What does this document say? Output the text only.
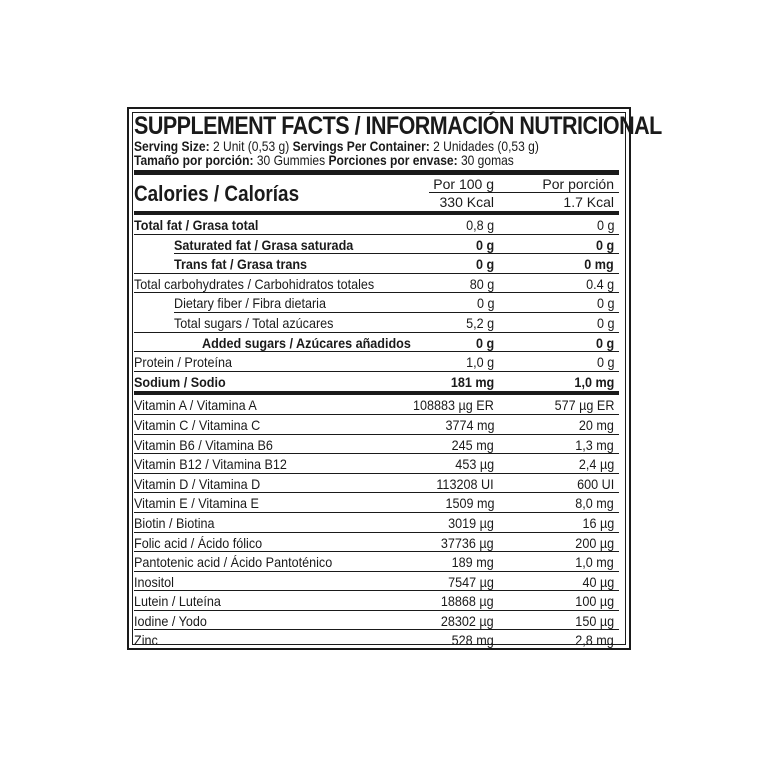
SUPPLEMENT FACTS / INFORMACIÓN NUTRICIONAL
Serving Size: 2 Unit (0,53 g) Servings Per Container: 2 Unidades (0,53 g)
Tamaño por porción: 30 Gummies Porciones por envase: 30 gomas
Calories / Calorías	Por 100 g	Por porción
330 Kcal	1.7 Kcal
Total fat / Grasa total	0,8 g	0 g
Saturated fat / Grasa saturada	0 g	0 g
Trans fat / Grasa trans	0 g	0 mg
Total carbohydrates / Carbohidratos totales	80 g	0.4 g
Dietary fiber / Fibra dietaria	0 g	0 g
Total sugars / Total azúcares	5,2 g	0 g
Added sugars / Azúcares añadidos	0 g	0 g
Protein / Proteína	1,0 g	0 g
Sodium / Sodio	181 mg	1,0 mg
Vitamin A / Vitamina A	108883 µg ER	577 µg ER
Vitamin C / Vitamina C	3774 mg	20 mg
Vitamin B6 / Vitamina B6	245 mg	1,3 mg
Vitamin B12 / Vitamina B12	453 µg	2,4 µg
Vitamin D / Vitamina D	113208 UI	600 UI
Vitamin E / Vitamina E	1509 mg	8,0 mg
Biotin / Biotina	3019 µg	16 µg
Folic acid / Ácido fólico	37736 µg	200 µg
Pantotenic acid / Ácido Pantoténico	189 mg	1,0 mg
Inositol	7547 µg	40 µg
Lutein / Luteína	18868 µg	100 µg
Iodine / Yodo	28302 µg	150 µg
Zinc	528 mg	2,8 mg
